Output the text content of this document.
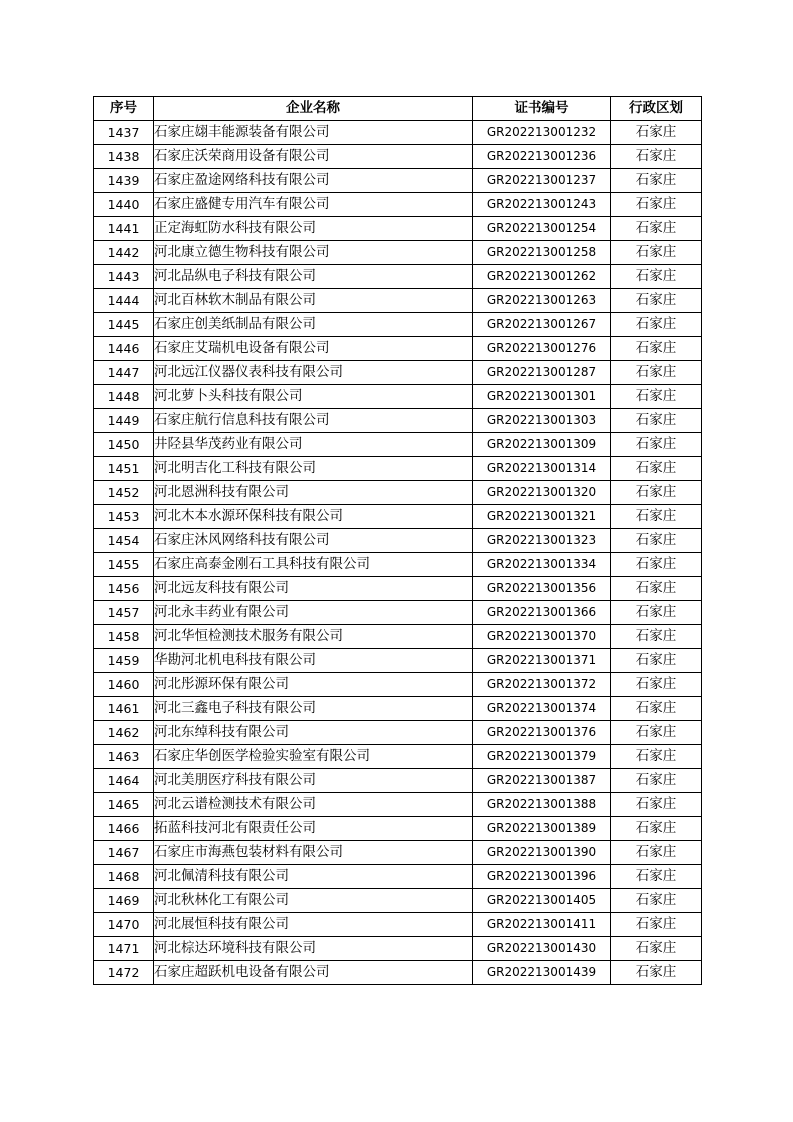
序号	企业名称	证书编号	行政区划
1437	石家庄翃丰能源装备有限公司	GR202213001232	石家庄
1438	石家庄沃荣商用设备有限公司	GR202213001236	石家庄
1439	石家庄盈途网络科技有限公司	GR202213001237	石家庄
1440	石家庄盛健专用汽车有限公司	GR202213001243	石家庄
1441	正定海虹防水科技有限公司	GR202213001254	石家庄
1442	河北康立德生物科技有限公司	GR202213001258	石家庄
1443	河北品纵电子科技有限公司	GR202213001262	石家庄
1444	河北百林软木制品有限公司	GR202213001263	石家庄
1445	石家庄创美纸制品有限公司	GR202213001267	石家庄
1446	石家庄艾瑞机电设备有限公司	GR202213001276	石家庄
1447	河北远江仪器仪表科技有限公司	GR202213001287	石家庄
1448	河北萝卜头科技有限公司	GR202213001301	石家庄
1449	石家庄航行信息科技有限公司	GR202213001303	石家庄
1450	井陉县华茂药业有限公司	GR202213001309	石家庄
1451	河北明吉化工科技有限公司	GR202213001314	石家庄
1452	河北恩洲科技有限公司	GR202213001320	石家庄
1453	河北木本水源环保科技有限公司	GR202213001321	石家庄
1454	石家庄沐风网络科技有限公司	GR202213001323	石家庄
1455	石家庄高泰金刚石工具科技有限公司	GR202213001334	石家庄
1456	河北远友科技有限公司	GR202213001356	石家庄
1457	河北永丰药业有限公司	GR202213001366	石家庄
1458	河北华恒检测技术服务有限公司	GR202213001370	石家庄
1459	华勘河北机电科技有限公司	GR202213001371	石家庄
1460	河北彤源环保有限公司	GR202213001372	石家庄
1461	河北三鑫电子科技有限公司	GR202213001374	石家庄
1462	河北东绰科技有限公司	GR202213001376	石家庄
1463	石家庄华创医学检验实验室有限公司	GR202213001379	石家庄
1464	河北美朋医疗科技有限公司	GR202213001387	石家庄
1465	河北云谱检测技术有限公司	GR202213001388	石家庄
1466	拓蓝科技河北有限责任公司	GR202213001389	石家庄
1467	石家庄市海燕包装材料有限公司	GR202213001390	石家庄
1468	河北佩清科技有限公司	GR202213001396	石家庄
1469	河北秋林化工有限公司	GR202213001405	石家庄
1470	河北展恒科技有限公司	GR202213001411	石家庄
1471	河北棕达环境科技有限公司	GR202213001430	石家庄
1472	石家庄超跃机电设备有限公司	GR202213001439	石家庄
